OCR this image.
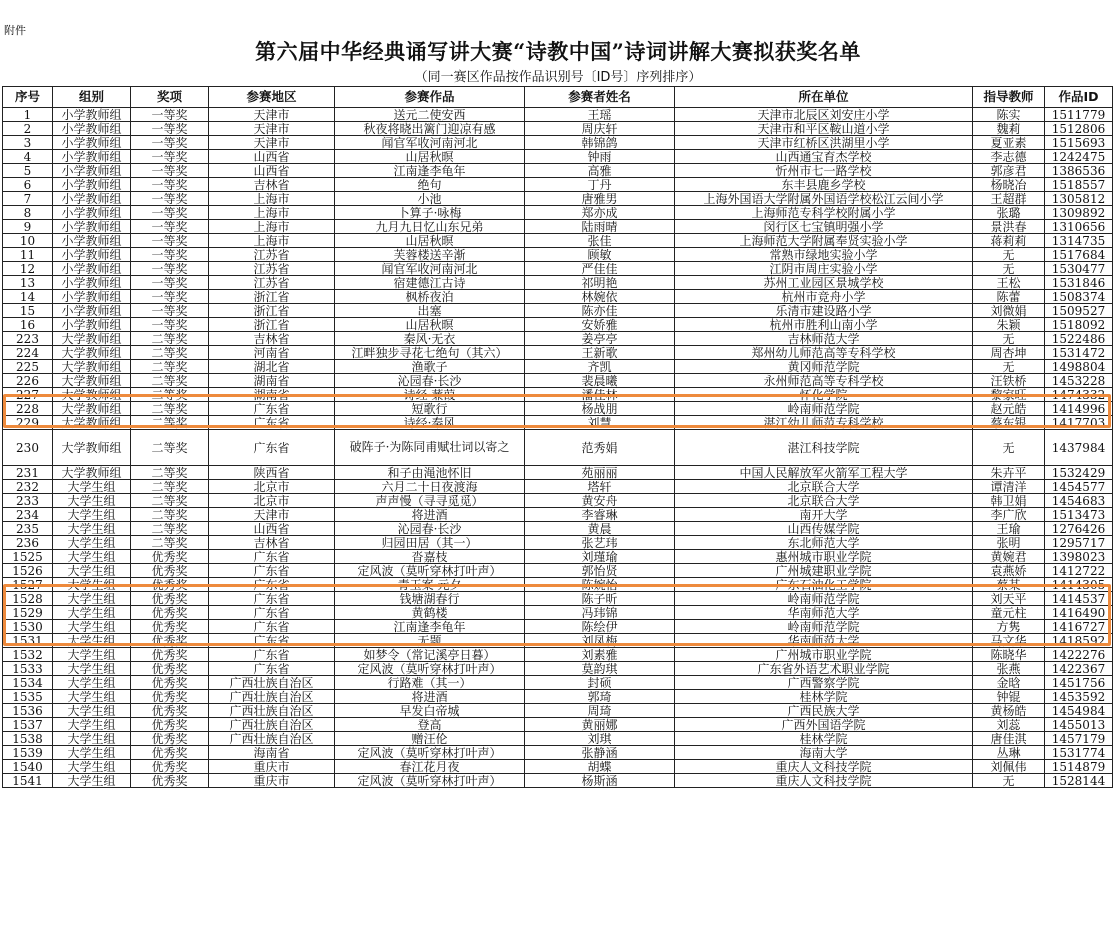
附件
第六届中华经典诵写讲大赛“诗教中国”诗词讲解大赛拟获奖名单
（同一赛区作品按作品识别号〔ID号〕序列排序）
序号	组别	奖项	参赛地区	参赛作品	参赛者姓名	所在单位	指导教师	作品ID
1	小学教师组	一等奖	天津市	送元二使安西	王瑶	天津市北辰区刘安庄小学	陈实	1511779
2	小学教师组	一等奖	天津市	秋夜将晓出篱门迎凉有感	周庆轩	天津市和平区鞍山道小学	魏莉	1512806
3	小学教师组	一等奖	天津市	闻官军收河南河北	韩锦鸽	天津市红桥区洪湖里小学	夏亚素	1515693
4	小学教师组	一等奖	山西省	山居秋暝	钟雨	山西通宝育杰学校	李志德	1242475
5	小学教师组	一等奖	山西省	江南逢李龟年	高雅	忻州市七一路学校	郭彦君	1386536
6	小学教师组	一等奖	吉林省	绝句	丁丹	东丰县鹿乡学校	杨晓冶	1518557
7	小学教师组	一等奖	上海市	小池	唐雅男	上海外国语大学附属外国语学校松江云间小学	王超群	1305812
8	小学教师组	一等奖	上海市	卜算子·咏梅	郑亦成	上海师范专科学校附属小学	张璐	1309892
9	小学教师组	一等奖	上海市	九月九日忆山东兄弟	陆雨晴	闵行区七宝镇明强小学	景洪春	1310656
10	小学教师组	一等奖	上海市	山居秋暝	张佳	上海师范大学附属奉贤实验小学	蒋莉莉	1314735
11	小学教师组	一等奖	江苏省	芙蓉楼送辛渐	顾敏	常熟市绿地实验小学	无	1517684
12	小学教师组	一等奖	江苏省	闻官军收河南河北	严佳佳	江阴市周庄实验小学	无	1530477
13	小学教师组	一等奖	江苏省	宿建德江古诗	祁明艳	苏州工业园区景城学校	王松	1531846
14	小学教师组	一等奖	浙江省	枫桥夜泊	林婉依	杭州市竞舟小学	陈蕾	1508374
15	小学教师组	一等奖	浙江省	出塞	陈亦佳	乐清市建设路小学	刘微娟	1509527
16	小学教师组	一等奖	浙江省	山居秋暝	安娇雅	杭州市胜利山南小学	朱颖	1518092
223	大学教师组	二等奖	吉林省	秦风·无衣	姜亭亭	吉林师范大学	无	1522486
224	大学教师组	二等奖	河南省	江畔独步寻花七绝句（其六）	王新歌	郑州幼儿师范高等专科学校	周杏坤	1531472
225	大学教师组	二等奖	湖北省	渔歌子	齐凯	黄冈师范学院	无	1498804
226	大学教师组	二等奖	湖南省	沁园春·长沙	裴晨曦	永州师范高等专科学校	汪铁桥	1453228
227	大学教师组	二等奖	湖南省	诗经·蒹葭	潘佳林	怀化学院	黎家旺	1474332
228	大学教师组	二等奖	广东省	短歌行	杨战朋	岭南师范学院	赵元皓	1414996
229	大学教师组	二等奖	广东省	诗经·秦风	刘慧	湛江幼儿师范专科学校	蔡东银	1417703
230	大学教师组	二等奖	广东省	破阵子·为陈同甫赋壮词以寄之	范秀娟	湛江科技学院	无	1437984
231	大学教师组	二等奖	陕西省	和子由渑池怀旧	苑丽丽	中国人民解放军火箭军工程大学	朱卉平	1532429
232	大学生组	二等奖	北京市	六月二十日夜渡海	塔轩	北京联合大学	谭清洋	1454577
233	大学生组	二等奖	北京市	声声慢（寻寻觅觅）	黄安舟	北京联合大学	韩卫娟	1454683
234	大学生组	二等奖	天津市	将进酒	李睿琳	南开大学	李广欣	1513473
235	大学生组	二等奖	山西省	沁园春·长沙	黄晨	山西传媒学院	王瑜	1276426
236	大学生组	二等奖	吉林省	归园田居（其一）	张艺玮	东北师范大学	张明	1295717
1525	大学生组	优秀奖	广东省	沓嘉枝	刘瑾瑜	惠州城市职业学院	黄婉君	1398023
1526	大学生组	优秀奖	广东省	定风波（莫听穿林打叶声）	郭怡贤	广州城建职业学院	袁燕娇	1412722
1527	大学生组	优秀奖	广东省	青玉案·元夕	陈婉怡	广东石油化工学院	蔡某	1414305
1528	大学生组	优秀奖	广东省	钱塘湖春行	陈子昕	岭南师范学院	刘天平	1414537
1529	大学生组	优秀奖	广东省	黄鹤楼	冯玮锦	华南师范大学	童元柱	1416490
1530	大学生组	优秀奖	广东省	江南逢李龟年	陈绘伊	岭南师范学院	方隽	1416727
1531	大学生组	优秀奖	广东省	无题	刘凤梅	华南师范大学	马文华	1418592
1532	大学生组	优秀奖	广东省	如梦令（常记溪亭日暮）	刘素雅	广州城市职业学院	陈晓华	1422276
1533	大学生组	优秀奖	广东省	定风波（莫听穿林打叶声）	莫韵琪	广东省外语艺术职业学院	张燕	1422367
1534	大学生组	优秀奖	广西壮族自治区	行路难（其一）	封硕	广西警察学院	金晗	1451756
1535	大学生组	优秀奖	广西壮族自治区	将进酒	郭琦	桂林学院	钟锟	1453592
1536	大学生组	优秀奖	广西壮族自治区	早发白帝城	周琦	广西民族大学	黄杨皓	1454984
1537	大学生组	优秀奖	广西壮族自治区	登高	黄丽娜	广西外国语学院	刘蕊	1455013
1538	大学生组	优秀奖	广西壮族自治区	赠汪伦	刘琪	桂林学院	唐佳淇	1457179
1539	大学生组	优秀奖	海南省	定风波（莫听穿林打叶声）	张静涵	海南大学	丛琳	1531774
1540	大学生组	优秀奖	重庆市	春江花月夜	胡蝶	重庆人文科技学院	刘佩伟	1514879
1541	大学生组	优秀奖	重庆市	定风波（莫听穿林打叶声）	杨斯涵	重庆人文科技学院	无	1528144
